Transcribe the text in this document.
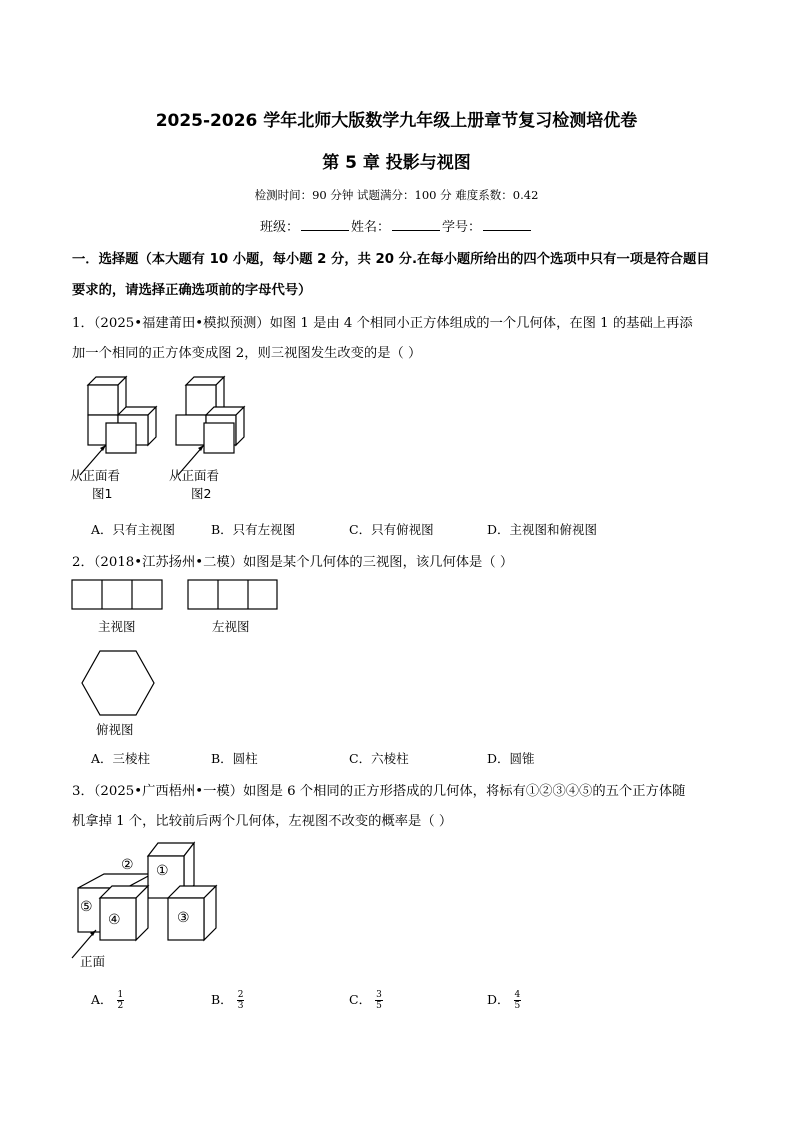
2025-2026 学年北师大版数学九年级上册章节复习检测培优卷
第 5 章 投影与视图
检测时间：90 分钟 试题满分：100 分 难度系数：0.42
班级：	姓名：	学号：
一．选择题（本大题有 10 小题，每小题 2 分，共 20 分.在每小题所给出的四个选项中只有一项是符合题目
要求的，请选择正确选项前的字母代号）
1．（2025•福建莆田•模拟预测）如图 1 是由 4 个相同小正方体组成的一个几何体，在图 1 的基础上再添
加一个相同的正方体变成图 2，则三视图发生改变的是（ ）
从正面看
图1
从正面看
图2
A．只有主视图	B．只有左视图	C．只有俯视图	D．主视图和俯视图
2．（2018•江苏扬州•二模）如图是某个几何体的三视图，该几何体是（ ）
主视图	左视图
俯视图
A．三棱柱	B．圆柱	C．六棱柱	D．圆锥
3．（2025•广西梧州•一模）如图是 6 个相同的正方形搭成的几何体，将标有①②③④⑤的五个正方体随
机拿掉 1 个，比较前后两个几何体，左视图不改变的概率是（ ）
② ①
⑤
④	③
正面
A． $\frac{1}{2}$	B． $\frac{2}{3}$	C． $\frac{3}{5}$	D． $\frac{4}{5}$
